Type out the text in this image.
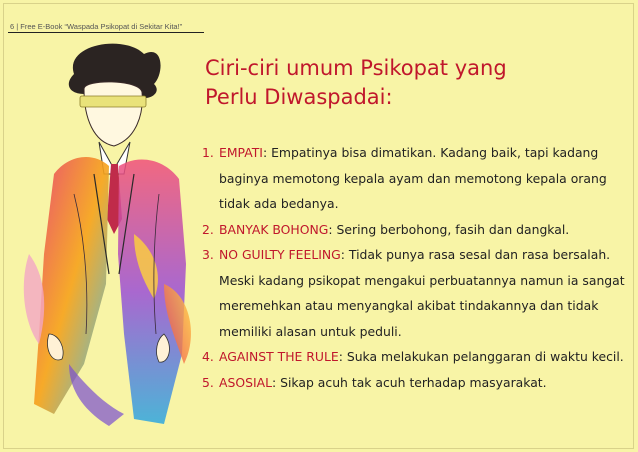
6 | Free E-Book “Waspada Psikopat di Sekitar Kita!”
Ciri-ciri umum Psikopat yang
Perlu Diwaspadai:
1. EMPATI: Empatinya bisa dimatikan. Kadang baik, tapi kadang baginya memotong kepala ayam dan memotong kepala orang tidak ada bedanya.
2. BANYAK BOHONG: Sering berbohong, fasih dan dangkal.
3. NO GUILTY FEELING: Tidak punya rasa sesal dan rasa bersalah. Meski kadang psikopat mengakui perbuatannya namun ia sangat meremehkan atau menyangkal akibat tindakannya dan tidak memiliki alasan untuk peduli.
4. AGAINST THE RULE: Suka melakukan pelanggaran di waktu kecil.
5. ASOSIAL: Sikap acuh tak acuh terhadap masyarakat.
